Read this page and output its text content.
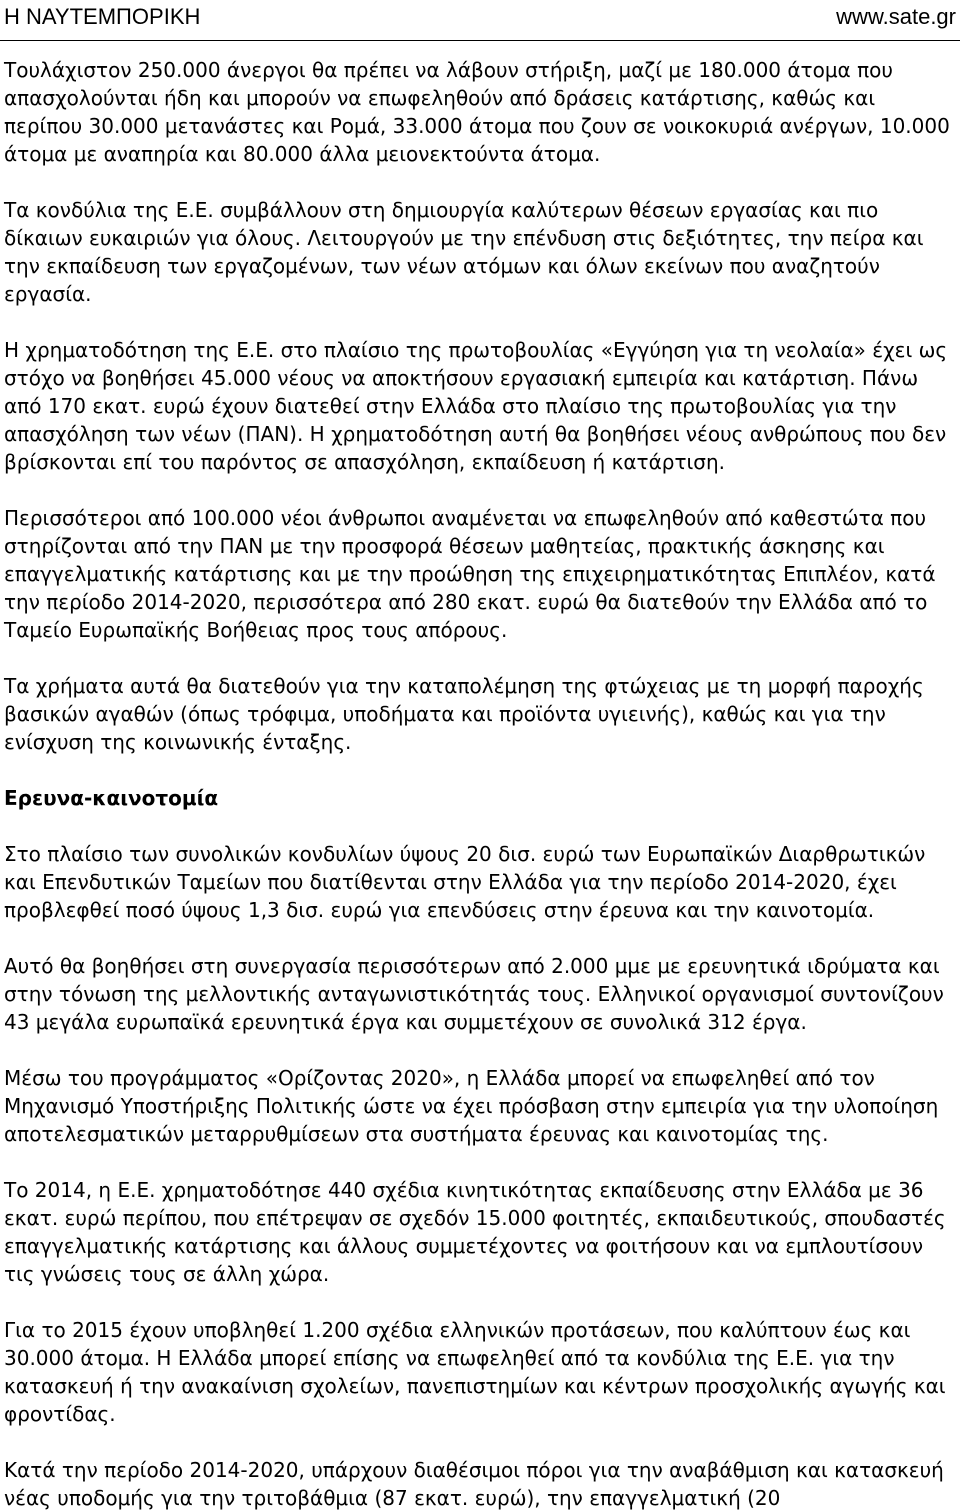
Η ΝΑΥΤΕΜΠΟΡΙΚΗ	www.sate.gr

Τουλάχιστον 250.000 άνεργοι θα πρέπει να λάβουν στήριξη, μαζί με 180.000 άτομα που απασχολούνται ήδη και μπορούν να επωφεληθούν από δράσεις κατάρτισης, καθώς και περίπου 30.000 μετανάστες και Ρομά, 33.000 άτομα που ζουν σε νοικοκυριά ανέργων, 10.000 άτομα με αναπηρία και 80.000 άλλα μειονεκτούντα άτομα.

Τα κονδύλια της Ε.Ε. συμβάλλουν στη δημιουργία καλύτερων θέσεων εργασίας και πιο δίκαιων ευκαιριών για όλους. Λειτουργούν με την επένδυση στις δεξιότητες, την πείρα και την εκπαίδευση των εργαζομένων, των νέων ατόμων και όλων εκείνων που αναζητούν εργασία.

Η χρηματοδότηση της Ε.Ε. στο πλαίσιο της πρωτοβουλίας «Εγγύηση για τη νεολαία» έχει ως στόχο να βοηθήσει 45.000 νέους να αποκτήσουν εργασιακή εμπειρία και κατάρτιση. Πάνω από 170 εκατ. ευρώ έχουν διατεθεί στην Ελλάδα στο πλαίσιο της πρωτοβουλίας για την απασχόληση των νέων (ΠΑΝ). Η χρηματοδότηση αυτή θα βοηθήσει νέους ανθρώπους που δεν βρίσκονται επί του παρόντος σε απασχόληση, εκπαίδευση ή κατάρτιση.

Περισσότεροι από 100.000 νέοι άνθρωποι αναμένεται να επωφεληθούν από καθεστώτα που στηρίζονται από την ΠΑΝ με την προσφορά θέσεων μαθητείας, πρακτικής άσκησης και επαγγελματικής κατάρτισης και με την προώθηση της επιχειρηματικότητας Επιπλέον, κατά την περίοδο 2014-2020, περισσότερα από 280 εκατ. ευρώ θα διατεθούν την Ελλάδα από το Ταμείο Ευρωπαϊκής Βοήθειας προς τους απόρους.

Τα χρήματα αυτά θα διατεθούν για την καταπολέμηση της φτώχειας με τη μορφή παροχής βασικών αγαθών (όπως τρόφιμα, υποδήματα και προϊόντα υγιεινής), καθώς και για την ενίσχυση της κοινωνικής ένταξης.

Ερευνα-καινοτομία

Στο πλαίσιο των συνολικών κονδυλίων ύψους 20 δισ. ευρώ των Ευρωπαϊκών Διαρθρωτικών και Επενδυτικών Ταμείων που διατίθενται στην Ελλάδα για την περίοδο 2014-2020, έχει προβλεφθεί ποσό ύψους 1,3 δισ. ευρώ για επενδύσεις στην έρευνα και την καινοτομία.

Αυτό θα βοηθήσει στη συνεργασία περισσότερων από 2.000 μμε με ερευνητικά ιδρύματα και στην τόνωση της μελλοντικής ανταγωνιστικότητάς τους. Ελληνικοί οργανισμοί συντονίζουν 43 μεγάλα ευρωπαϊκά ερευνητικά έργα και συμμετέχουν σε συνολικά 312 έργα.

Μέσω του προγράμματος «Ορίζοντας 2020», η Ελλάδα μπορεί να επωφεληθεί από τον Μηχανισμό Υποστήριξης Πολιτικής ώστε να έχει πρόσβαση στην εμπειρία για την υλοποίηση αποτελεσματικών μεταρρυθμίσεων στα συστήματα έρευνας και καινοτομίας της.

Το 2014, η Ε.Ε. χρηματοδότησε 440 σχέδια κινητικότητας εκπαίδευσης στην Ελλάδα με 36 εκατ. ευρώ περίπου, που επέτρεψαν σε σχεδόν 15.000 φοιτητές, εκπαιδευτικούς, σπουδαστές επαγγελματικής κατάρτισης και άλλους συμμετέχοντες να φοιτήσουν και να εμπλουτίσουν τις γνώσεις τους σε άλλη χώρα.

Για το 2015 έχουν υποβληθεί 1.200 σχέδια ελληνικών προτάσεων, που καλύπτουν έως και 30.000 άτομα. Η Ελλάδα μπορεί επίσης να επωφεληθεί από τα κονδύλια της Ε.Ε. για την κατασκευή ή την ανακαίνιση σχολείων, πανεπιστημίων και κέντρων προσχολικής αγωγής και φροντίδας.

Κατά την περίοδο 2014-2020, υπάρχουν διαθέσιμοι πόροι για την αναβάθμιση και κατασκευή νέας υποδομής για την τριτοβάθμια (87 εκατ. ευρώ), την επαγγελματική (20
